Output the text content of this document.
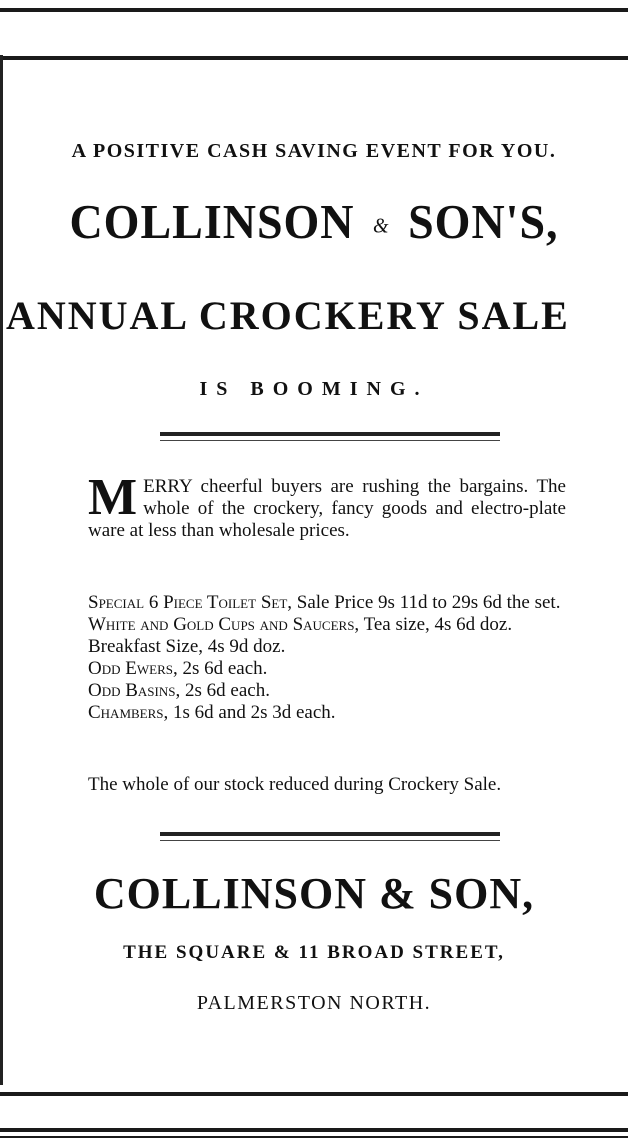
A POSITIVE CASH SAVING EVENT FOR YOU.
COLLINSON & SON'S,
ANNUAL CROCKERY SALE
IS BOOMING.
MERRY cheerful buyers are rushing the bargains. The whole of the crockery, fancy goods and electro-plate ware at less than wholesale prices.
Special 6 Piece Toilet Set, Sale Price 9s 11d to 29s 6d the set.
White and Gold Cups and Saucers, Tea size, 4s 6d doz. Breakfast Size, 4s 9d doz.
Odd Ewers, 2s 6d each.
Odd Basins, 2s 6d each.
Chambers, 1s 6d and 2s 3d each.
The whole of our stock reduced during Crockery Sale.
COLLINSON & SON,
THE SQUARE & 11 BROAD STREET,
PALMERSTON NORTH.
